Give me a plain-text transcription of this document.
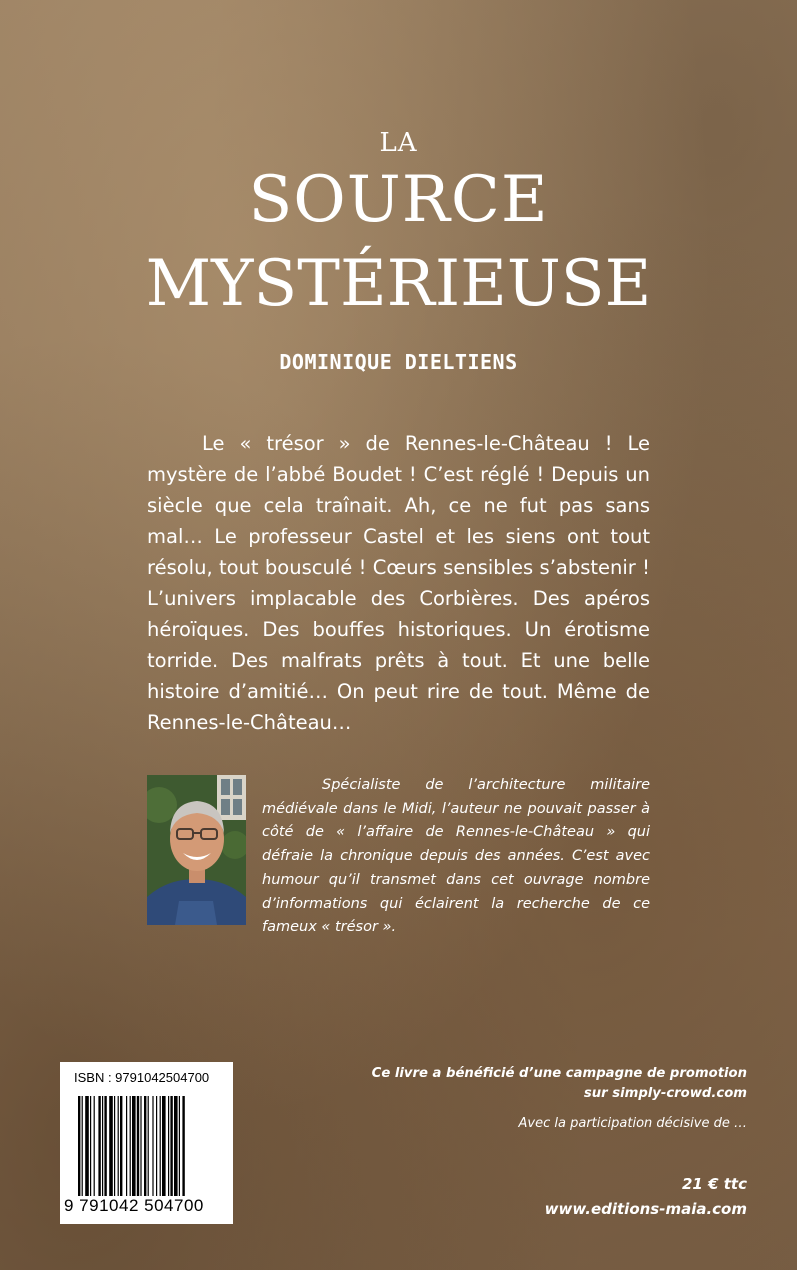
LA
SOURCE
MYSTÉRIEUSE
DOMINIQUE DIELTIENS

Le « trésor » de Rennes-le-Château ! Le mystère de l’abbé Boudet ! C’est réglé ! Depuis un siècle que cela traînait. Ah, ce ne fut pas sans mal… Le professeur Castel et les siens ont tout résolu, tout bousculé ! Cœurs sensibles s’abstenir ! L’univers implacable des Corbières. Des apéros héroïques. Des bouffes historiques. Un érotisme torride. Des malfrats prêts à tout. Et une belle histoire d’amitié… On peut rire de tout. Même de Rennes-le-Château…

Spécialiste de l’architecture militaire médiévale dans le Midi, l’auteur ne pouvait passer à côté de « l’affaire de Rennes-le-Château » qui défraie la chronique depuis des années. C’est avec humour qu’il transmet dans cet ouvrage nombre d’informations qui éclairent la recherche de ce fameux « trésor ».

ISBN : 9791042504700
9 791042 504700
Ce livre a bénéficié d’une campagne de promotion
sur simply-crowd.com
Avec la participation décisive de …
21 € ttc
www.editions-maia.com
